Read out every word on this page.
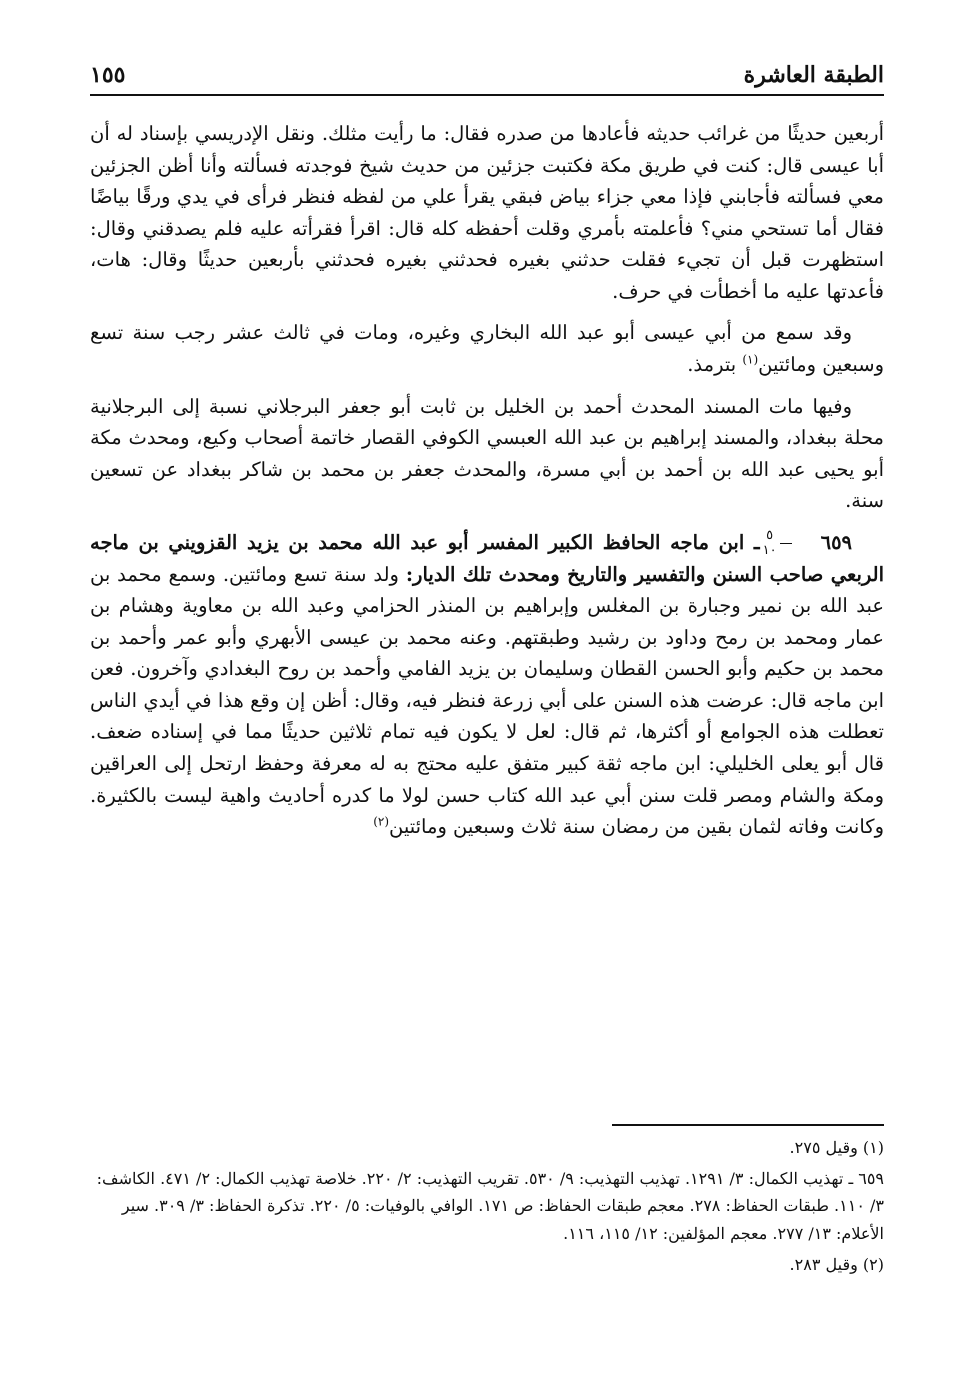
الطبقة العاشرة
١٥٥

أربعين حديثًا من غرائب حديثه فأعادها من صدره فقال: ما رأيت مثلك. ونقل الإدريسي بإسناد له أن أبا عيسى قال: كنت في طريق مكة فكتبت جزئين من حديث شيخ فوجدته فسألته وأنا أظن الجزئين معي فسألته فأجابني فإذا معي جزاء بياض فبقي يقرأ علي من لفظه فنظر فرأى في يدي ورقًا بياضًا فقال أما تستحي مني؟ فأعلمته بأمري وقلت أحفظه كله قال: اقرأ فقرأته عليه فلم يصدقني وقال: استظهرت قبل أن تجيء فقلت حدثني بغيره فحدثني بغيره فحدثني بأربعين حديثًا وقال: هات، فأعدتها عليه ما أخطأت في حرف.

وقد سمع من أبي عيسى أبو عبد الله البخاري وغيره، ومات في ثالث عشر رجب سنة تسع وسبعين ومائتين$^{(١)}$ بترمذ.

وفيها مات المسند المحدث أحمد بن الخليل بن ثابت أبو جعفر البرجلاني نسبة إلى البرجلانية محلة ببغداد، والمسند إبراهيم بن عبد الله العبسي الكوفي القصار خاتمة أصحاب وكيع، ومحدث مكة أبو يحيى عبد الله بن أحمد بن أبي مسرة، والمحدث جعفر بن محمد بن شاكر ببغداد عن تسعين سنة.

٦٥٩
$\frac{٥}{١٠}$
ـ ابن ماجه الحافظ الكبير المفسر أبو عبد الله محمد بن يزيد القزويني بن ماجه الربعي صاحب السنن والتفسير والتاريخ ومحدث تلك الديار: ولد سنة تسع ومائتين. وسمع محمد بن عبد الله بن نمير وجبارة بن المغلس وإبراهيم بن المنذر الحزامي وعبد الله بن معاوية وهشام بن عمار ومحمد بن رمح وداود بن رشيد وطبقتهم. وعنه محمد بن عيسى الأبهري وأبو عمر وأحمد بن محمد بن حكيم وأبو الحسن القطان وسليمان بن يزيد الفامي وأحمد بن روح البغدادي وآخرون. فعن ابن ماجه قال: عرضت هذه السنن على أبي زرعة فنظر فيه، وقال: أظن إن وقع هذا في أيدي الناس تعطلت هذه الجوامع أو أكثرها، ثم قال: لعل لا يكون فيه تمام ثلاثين حديثًا مما في إسناده ضعف. قال أبو يعلى الخليلي: ابن ماجه ثقة كبير متفق عليه محتج به له معرفة وحفظ ارتحل إلى العراقين ومكة والشام ومصر قلت سنن أبي عبد الله كتاب حسن لولا ما كدره أحاديث واهية ليست بالكثيرة. وكانت وفاته لثمان بقين من رمضان سنة ثلاث وسبعين ومائتين$^{(٢)}$

(١) وقيل ٢٧٥.

٦٥٩ ـ تهذيب الكمال: ٣/ ١٢٩١. تهذيب التهذيب: ٩/ ٥٣٠. تقريب التهذيب: ٢/ ٢٢٠. خلاصة تهذيب الكمال: ٢/ ٤٧١. الكاشف: ٣/ ١١٠. طبقات الحفاظ: ٢٧٨. معجم طبقات الحفاظ: ص ١٧١. الوافي بالوفيات: ٥/ ٢٢٠. تذكرة الحفاظ: ٣/ ٣٠٩. سير الأعلام: ١٣/ ٢٧٧. معجم المؤلفين: ١٢/ ١١٥، ١١٦.

(٢) وقيل ٢٨٣.
